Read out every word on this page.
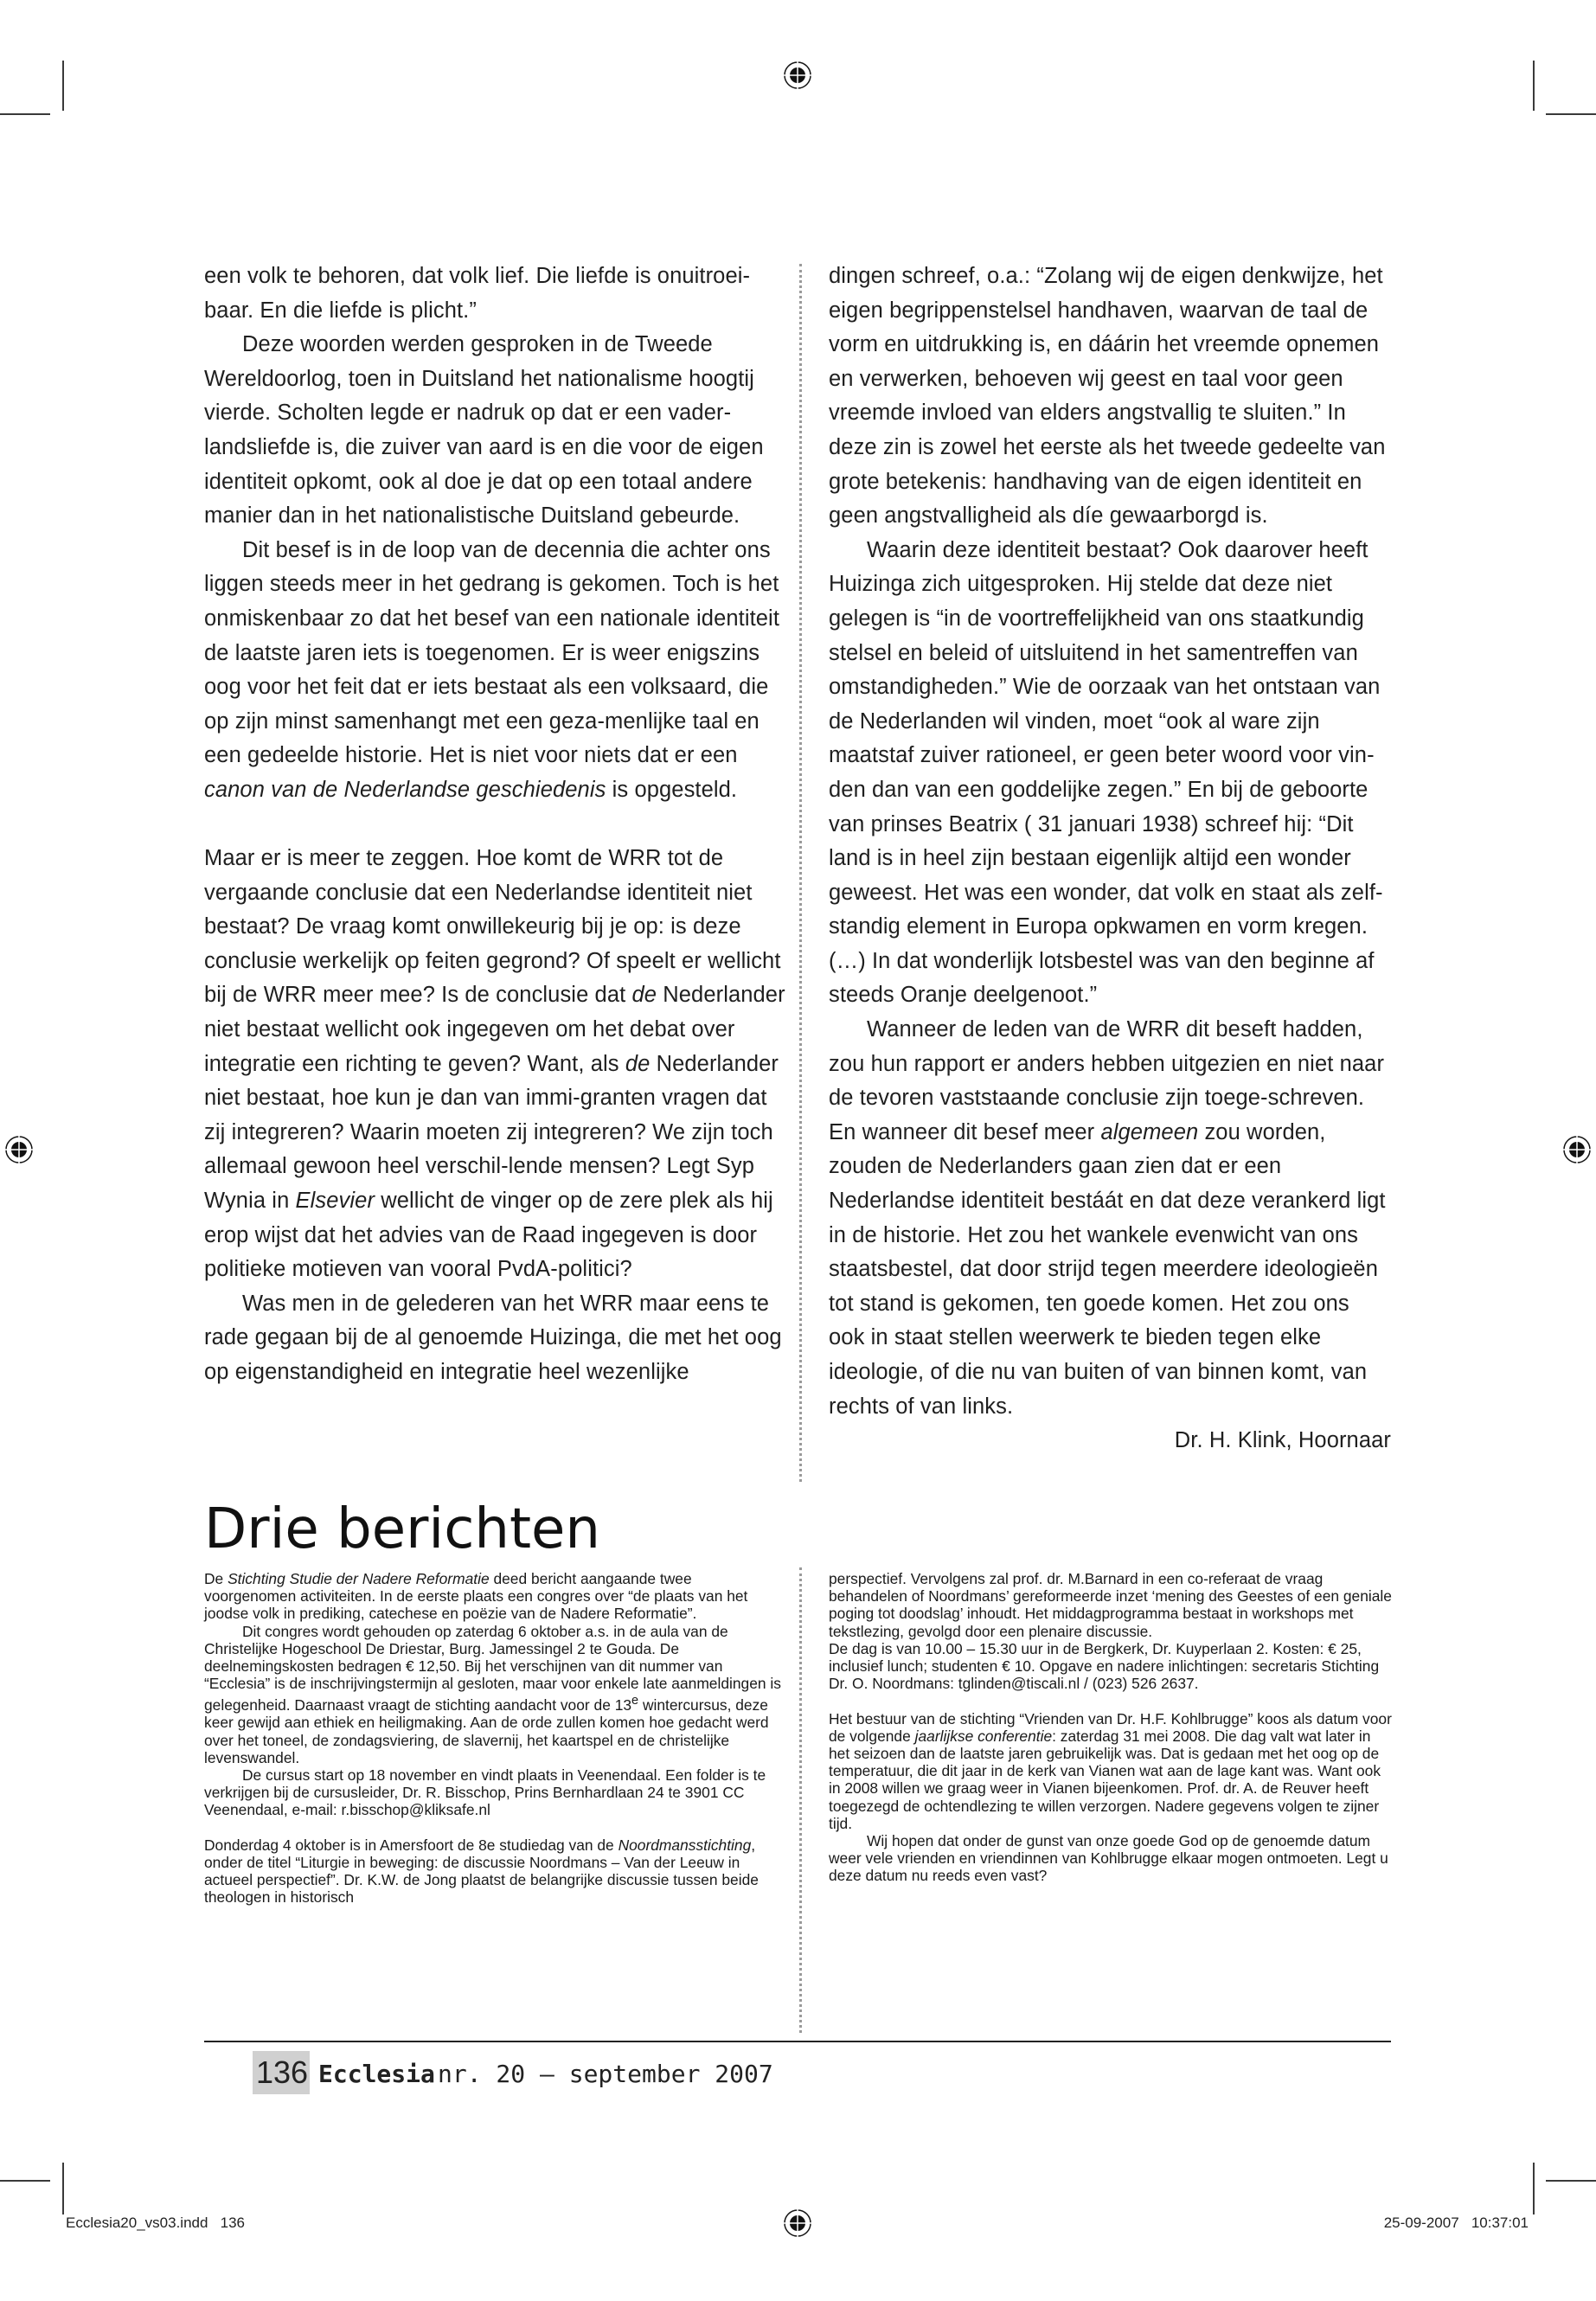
een volk te behoren, dat volk lief. Die liefde is onuitroei-baar. En die liefde is plicht.”

Deze woorden werden gesproken in de Tweede Wereldoorlog, toen in Duitsland het nationalisme hoogtij vierde. Scholten legde er nadruk op dat er een vader-landsliefde is, die zuiver van aard is en die voor de eigen identiteit opkomt, ook al doe je dat op een totaal andere manier dan in het nationalistische Duitsland gebeurde.

Dit besef is in de loop van de decennia die achter ons liggen steeds meer in het gedrang is gekomen. Toch is het onmiskenbaar zo dat het besef van een nationale identiteit de laatste jaren iets is toegenomen. Er is weer enigszins oog voor het feit dat er iets bestaat als een volksaard, die op zijn minst samenhangt met een geza-menlijke taal en een gedeelde historie. Het is niet voor niets dat er een canon van de Nederlandse geschiedenis is opgesteld.

Maar er is meer te zeggen. Hoe komt de WRR tot de vergaande conclusie dat een Nederlandse identiteit niet bestaat? De vraag komt onwillekeurig bij je op: is deze conclusie werkelijk op feiten gegrond? Of speelt er wellicht bij de WRR meer mee? Is de conclusie dat de Nederlander niet bestaat wellicht ook ingegeven om het debat over integratie een richting te geven? Want, als de Nederlander niet bestaat, hoe kun je dan van immi-granten vragen dat zij integreren? Waarin moeten zij integreren? We zijn toch allemaal gewoon heel verschil-lende mensen? Legt Syp Wynia in Elsevier wellicht de vinger op de zere plek als hij erop wijst dat het advies van de Raad ingegeven is door politieke motieven van vooral PvdA-politici?

Was men in de gelederen van het WRR maar eens te rade gegaan bij de al genoemde Huizinga, die met het oog op eigenstandigheid en integratie heel wezenlijke

dingen schreef, o.a.: “Zolang wij de eigen denkwijze, het eigen begrippenstelsel handhaven, waarvan de taal de vorm en uitdrukking is, en dáárin het vreemde opnemen en verwerken, behoeven wij geest en taal voor geen vreemde invloed van elders angstvallig te sluiten.” In deze zin is zowel het eerste als het tweede gedeelte van grote betekenis: handhaving van de eigen identiteit en geen angstvalligheid als díe gewaarborgd is.

Waarin deze identiteit bestaat? Ook daarover heeft Huizinga zich uitgesproken. Hij stelde dat deze niet gelegen is “in de voortreffelijkheid van ons staatkundig stelsel en beleid of uitsluitend in het samentreffen van omstandigheden.” Wie de oorzaak van het ontstaan van de Nederlanden wil vinden, moet “ook al ware zijn maatstaf zuiver rationeel, er geen beter woord voor vin-den dan van een goddelijke zegen.” En bij de geboorte van prinses Beatrix ( 31 januari 1938) schreef hij: “Dit land is in heel zijn bestaan eigenlijk altijd een wonder geweest. Het was een wonder, dat volk en staat als zelf-standig element in Europa opkwamen en vorm kregen. (…) In dat wonderlijk lotsbestel was van den beginne af steeds Oranje deelgenoot.”

Wanneer de leden van de WRR dit beseft hadden, zou hun rapport er anders hebben uitgezien en niet naar de tevoren vaststaande conclusie zijn toege-schreven. En wanneer dit besef meer algemeen zou worden, zouden de Nederlanders gaan zien dat er een Nederlandse identiteit bestáát en dat deze verankerd ligt in de historie. Het zou het wankele evenwicht van ons staatsbestel, dat door strijd tegen meerdere ideologieën tot stand is gekomen, ten goede komen. Het zou ons ook in staat stellen weerwerk te bieden tegen elke ideologie, of die nu van buiten of van binnen komt, van rechts of van links.

Dr. H. Klink, Hoornaar

Drie berichten

De Stichting Studie der Nadere Reformatie deed bericht aangaande twee voorgenomen activiteiten. In de eerste plaats een congres over “de plaats van het joodse volk in prediking, catechese en poëzie van de Nadere Reformatie”.

Dit congres wordt gehouden op zaterdag 6 oktober a.s. in de aula van de Christelijke Hogeschool De Driestar, Burg. Jamessingel 2 te Gouda. De deelnemingskosten bedragen € 12,50. Bij het verschijnen van dit nummer van “Ecclesia” is de inschrijvingstermijn al gesloten, maar voor enkele late aanmeldingen is gelegenheid. Daarnaast vraagt de stichting aandacht voor de 13e wintercursus, deze keer gewijd aan ethiek en heiligmaking. Aan de orde zullen komen hoe gedacht werd over het toneel, de zondagsviering, de slavernij, het kaartspel en de christelijke levenswandel.

De cursus start op 18 november en vindt plaats in Veenendaal. Een folder is te verkrijgen bij de cursusleider, Dr. R. Bisschop, Prins Bernhardlaan 24 te 3901 CC Veenendaal, e-mail: r.bisschop@kliksafe.nl

Donderdag 4 oktober is in Amersfoort de 8e studiedag van de Noordmansstichting, onder de titel “Liturgie in beweging: de discussie Noordmans – Van der Leeuw in actueel perspectief”. Dr. K.W. de Jong plaatst de belangrijke discussie tussen beide theologen in historisch

perspectief. Vervolgens zal prof. dr. M.Barnard in een co-referaat de vraag behandelen of Noordmans’ gereformeerde inzet ‘mening des Geestes of een geniale poging tot doodslag’ inhoudt. Het middagprogramma bestaat in workshops met tekstlezing, gevolgd door een plenaire discussie.

De dag is van 10.00 – 15.30 uur in de Bergkerk, Dr. Kuyperlaan 2. Kosten: € 25, inclusief lunch; studenten € 10. Opgave en nadere inlichtingen: secretaris Stichting Dr. O. Noordmans: tglinden@tiscali.nl / (023) 526 2637.

Het bestuur van de stichting “Vrienden van Dr. H.F. Kohlbrugge” koos als datum voor de volgende jaarlijkse conferentie: zaterdag 31 mei 2008. Die dag valt wat later in het seizoen dan de laatste jaren gebruikelijk was. Dat is gedaan met het oog op de temperatuur, die dit jaar in de kerk van Vianen wat aan de lage kant was. Want ook in 2008 willen we graag weer in Vianen bijeenkomen. Prof. dr. A. de Reuver heeft toegezegd de ochtendlezing te willen verzorgen. Nadere gegevens volgen te zijner tijd.

Wij hopen dat onder de gunst van onze goede God op de genoemde datum weer vele vrienden en vriendinnen van Kohlbrugge elkaar mogen ontmoeten. Legt u deze datum nu reeds even vast?

136 Ecclesia nr. 20 — september 2007
Ecclesia20_vs03.indd   136	25-09-2007   10:37:01
